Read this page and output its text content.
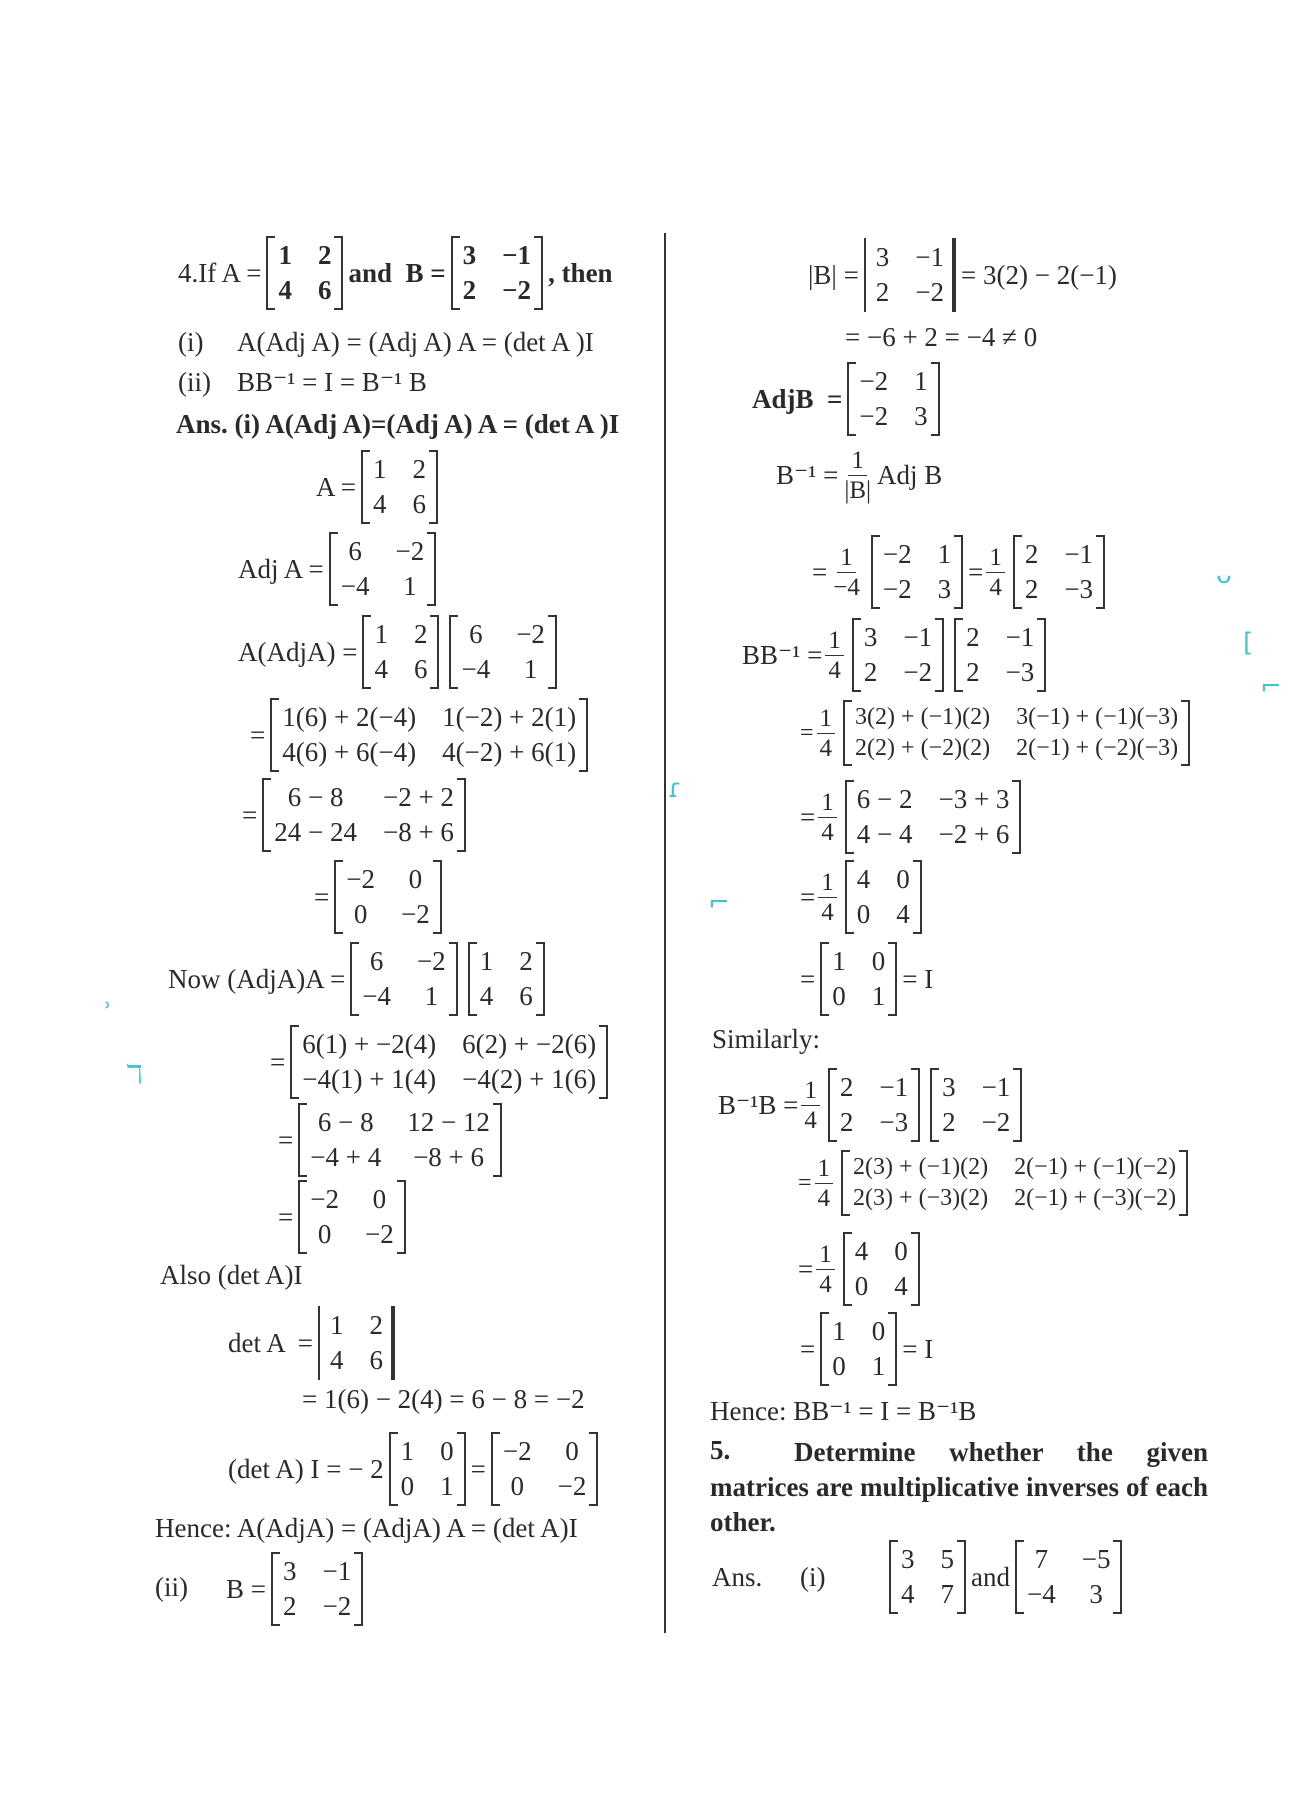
4.If A =
1 2
4 6
and  B =
3 −1
2 −2
, then
(i) A(Adj A) = (Adj A) A = (det A )I
(ii) BB⁻¹ = I = B⁻¹ B
Ans. (i) A(Adj A)=(Adj A) A = (det A )I
A =
1 2
4 6
Adj A =
6 −2
−4 1
A(AdjA) =
1 2
4 6
6 −2
−4 1
=
1(6) + 2(−4) 1(−2) + 2(1)
4(6) + 6(−4) 4(−2) + 6(1)
=
6 − 8	−2 + 2
24 − 24 −8 + 6
=
−2 0
0 −2
Now (AdjA)A =
6 −2
−4 1
1 2
4 6
=
6(1) + −2(4) 6(2) + −2(6)
−4(1) + 1(4) −4(2) + 1(6)
=
6 − 8 12 − 12
−4 + 4 −8 + 6
=
−2 0
0 −2
Also (det A)I
det A  =
1 2
4 6
= 1(6) − 2(4) = 6 − 8 = −2
(det A) I = − 2
1 0
0 1
=
−2 0
0 −2
Hence: A(AdjA) = (AdjA) A = (det A)I
(ii) B =
3 −1
2 −2
|B| =
3 −1
2 −2
= 3(2) − 2(−1)
= −6 + 2 = −4 ≠ 0
AdjB  =
−2 1
−2 3
$B^{-1} = \frac{1}{|B|}$ Adj B
= $\frac{1}{-4} -2$ 1
−2 3
= $\frac{1}{4} 2 -1$
2 −3
$BB^{-1} = \frac{1}{4} 3 -1$
2 −2
2 −1
2 −3
= $\frac{1}{4} 3(2) + (-1)(2) 3(-1) + (-1)(-3)$
2(2) + (−2)(2) 2(−1) + (−2)(−3)
= $\frac{1}{4} 6 - 2 -3 + 3$
4 − 4 −2 + 6
= $\frac{1}{4} 4$ 0
0 4
=
1 0
0 1
= I
Similarly:
$B^{-1}B = \frac{1}{4} 2 -1$
2 −3
3 −1
2 −2
= $\frac{1}{4} 2(3) + (-1)(2) 2(-1) + (-1)(-2)$
2(3) + (−3)(2) 2(−1) + (−3)(−2)
= $\frac{1}{4} 4$ 0
0 4
=
1 0
0 1
= I
Hence: BB⁻¹ = I = B⁻¹B
5.	Determine whether the given matrices are multiplicative inverses of each other.
Ans. (i)
3 5
4 7
and
7 −5
−4 3
ᴗ
[
⌐
ɾ
⌐
˒
ℸ
